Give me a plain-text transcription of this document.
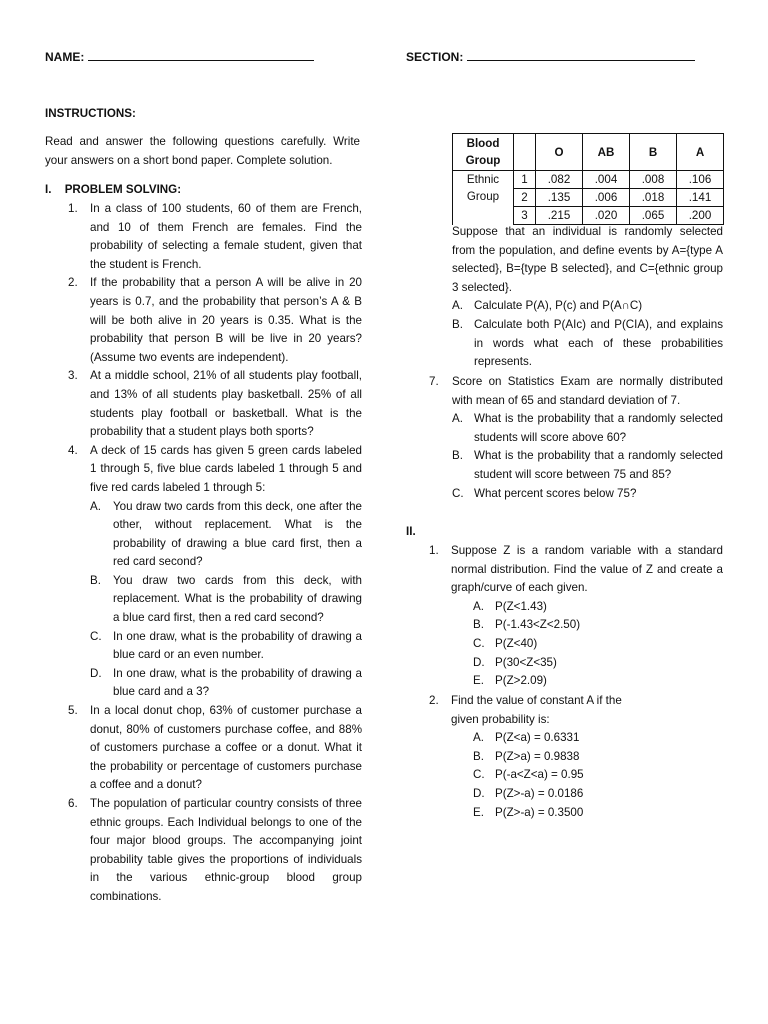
NAME:	SECTION:
INSTRUCTIONS:
Read and answer the following questions carefully. Write your answers on a short bond paper. Complete solution.
I. PROBLEM SOLVING:
1. In a class of 100 students, 60 of them are French, and 10 of them French are females. Find the probability of selecting a female student, given that the student is French.
2. If the probability that a person A will be alive in 20 years is 0.7, and the probability that person’s A & B will be both alive in 20 years is 0.35. What is the probability that person B will be live in 20 years? (Assume two events are independent).
3. At a middle school, 21% of all students play football, and 13% of all students play basketball. 25% of all students play football or basketball. What is the probability that a student plays both sports?
4. A deck of 15 cards has given 5 green cards labeled 1 through 5, five blue cards labeled 1 through 5 and five red cards labeled 1 through 5:
A. You draw two cards from this deck, one after the other, without replacement. What is the probability of drawing a blue card first, then a red card second?
B. You draw two cards from this deck, with replacement. What is the probability of drawing a blue card first, then a red card second?
C. In one draw, what is the probability of drawing a blue card or an even number.
D. In one draw, what is the probability of drawing a blue card and a 3?
5. In a local donut chop, 63% of customer purchase a donut, 80% of customers purchase coffee, and 88% of customers purchase a coffee or a donut. What it the probability or percentage of customers purchase a coffee and a donut?
6. The population of particular country consists of three ethnic groups. Each Individual belongs to one of the four major blood groups. The accompanying joint probability table gives the proportions of individuals in the various ethnic-group blood group combinations.
Blood
Group		O	AB	B	A

Ethnic
Group	1	.082	.004	.008	.106
	2	.135	.006	.018	.141
	3	.215	.020	.065	.200
Suppose that an individual is randomly selected from the population, and define events by A={type A selected}, B={type B selected}, and C={ethnic group 3 selected}.
A. Calculate P(A), P(c) and P(A∩C)
B. Calculate both P(AIc) and P(CIA), and explains in words what each of these probabilities represents.
7. Score on Statistics Exam are normally distributed with mean of 65 and standard deviation of 7.
A. What is the probability that a randomly selected students will score above 60?
B. What is the probability that a randomly selected student will score between 75 and 85?
C. What percent scores below 75?
II.
1. Suppose Z is a random variable with a standard normal distribution. Find the value of Z and create a graph/curve of each given.
A. P(Z<1.43)
B. P(-1.43<Z<2.50)
C. P(Z<40)
D. P(30<Z<35)
E. P(Z>2.09)
2. Find the value of constant A if the given probability is:
A. P(Z<a) = 0.6331
B. P(Z>a) = 0.9838
C. P(-a<Z<a) = 0.95
D. P(Z>-a) = 0.0186
E. P(Z>-a) = 0.3500
